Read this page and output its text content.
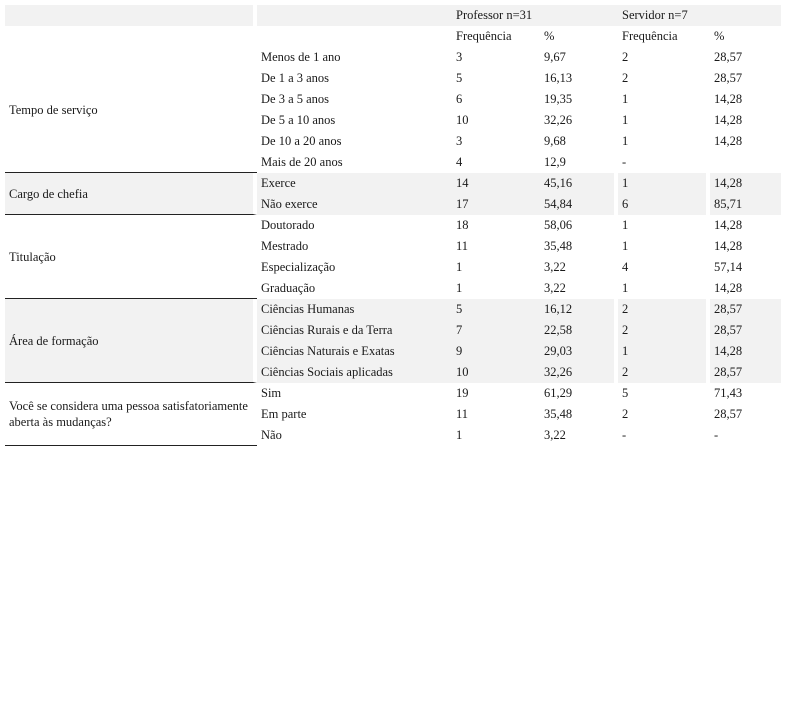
		Professor n=31		Servidor n=7	
		Frequência	%	Frequência	%
Tempo de serviço	Menos de 1 ano	3	9,67	2	28,57
	De 1 a 3 anos	5	16,13	2	28,57
	De 3 a 5 anos	6	19,35	1	14,28
	De 5 a 10 anos	10	32,26	1	14,28
	De 10 a 20 anos	3	9,68	1	14,28
	Mais de 20 anos	4	12,9	-	
Cargo de chefia	Exerce	14	45,16	1	14,28
	Não exerce	17	54,84	6	85,71
Titulação	Doutorado	18	58,06	1	14,28
	Mestrado	11	35,48	1	14,28
	Especialização	1	3,22	4	57,14
	Graduação	1	3,22	1	14,28
Área de formação	Ciências Humanas	5	16,12	2	28,57
	Ciências Rurais e da Terra	7	22,58	2	28,57
	Ciências Naturais e Exatas	9	29,03	1	14,28
	Ciências Sociais aplicadas	10	32,26	2	28,57
Você se considera uma pessoa satisfatoriamente aberta às mudanças?	Sim	19	61,29	5	71,43
	Em parte	11	35,48	2	28,57
	Não	1	3,22	-	-
